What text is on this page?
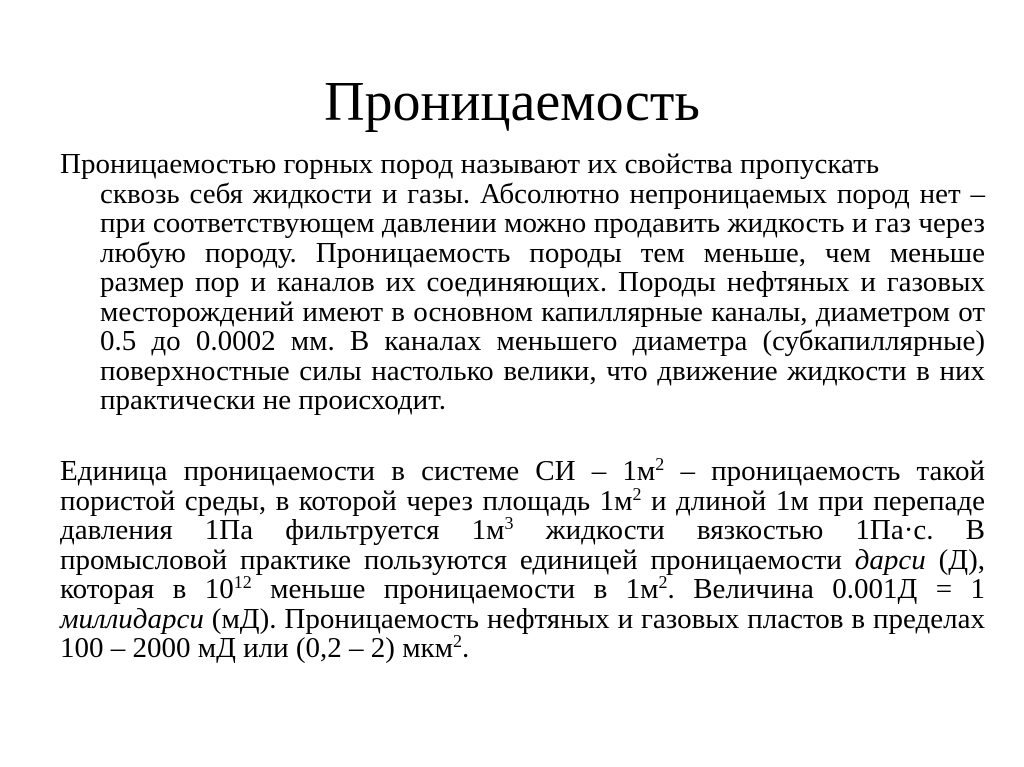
Проницаемость
Проницаемостью горных пород называют их свойства пропускать
сквозь себя жидкости и газы. Абсолютно непроницаемых пород нет – при соответствующем давлении можно продавить жидкость и газ через любую породу. Проницаемость породы тем меньше, чем меньше размер пор и каналов их соединяющих. Породы нефтяных и газовых месторождений имеют в основном капиллярные каналы, диаметром от 0.5 до 0.0002 мм. В каналах меньшего диаметра (субкапиллярные) поверхностные силы настолько велики, что движение жидкости в них практически не происходит.
Единица проницаемости в системе СИ – $1м^2$ – проницаемость такой пористой среды, в которой через площадь $1м^2$ и длиной 1м при перепаде давления 1Па фильтруется $1м^3$ жидкости вязкостью 1Па·с. В промысловой практике пользуются единицей проницаемости дарси (Д), которая в $10^{12}$ меньше проницаемости в $1м^2$. Величина 0.001Д = 1 миллидарси (мД). Проницаемость нефтяных и газовых пластов в пределах 100 – 2000 мД или (0,2 – 2) мкм$^2$.
